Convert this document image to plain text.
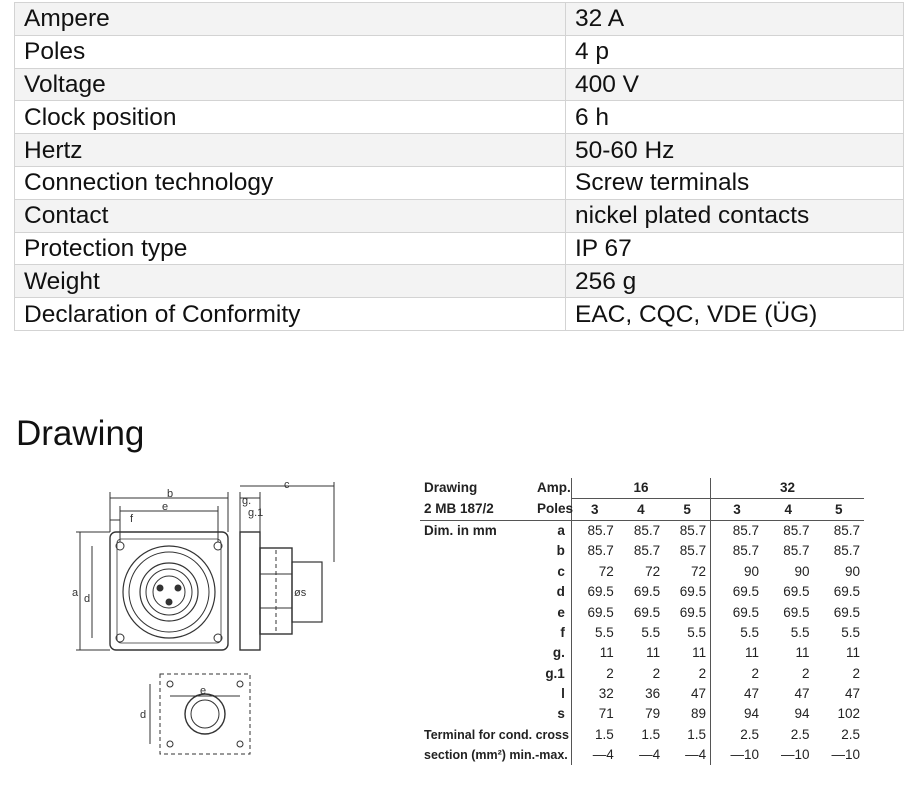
Ampere	32 A
Poles	4 p
Voltage	400 V
Clock position	6 h
Hertz	50-60 Hz
Connection technology	Screw terminals
Contact	nickel plated contacts
Protection type	IP 67
Weight	256 g
Declaration of Conformity	EAC, CQC, VDE (ÜG)
Drawing
b
e
f
a d	øs
c
g.
g.1
e
d
Drawing	Amp.	16			32		
2 MB 187/2	Poles	3	4	5	3	4	5
Dim. in mm	a	85.7	85.7	85.7	85.7	85.7	85.7
	b	85.7	85.7	85.7	85.7	85.7	85.7
	c	72	72	72	90	90	90
	d	69.5	69.5	69.5	69.5	69.5	69.5
	e	69.5	69.5	69.5	69.5	69.5	69.5
	f	5.5	5.5	5.5	5.5	5.5	5.5
	g.	11	11	11	11	11	11
	g.1	2	2	2	2	2	2
	l	32	36	47	47	47	47
	s	71	79	89	94	94	102
Terminal for cond. cross		1.5	1.5	1.5	2.5	2.5	2.5
section (mm²) min.-max.		—4	—4	—4	—10	—10	—10
